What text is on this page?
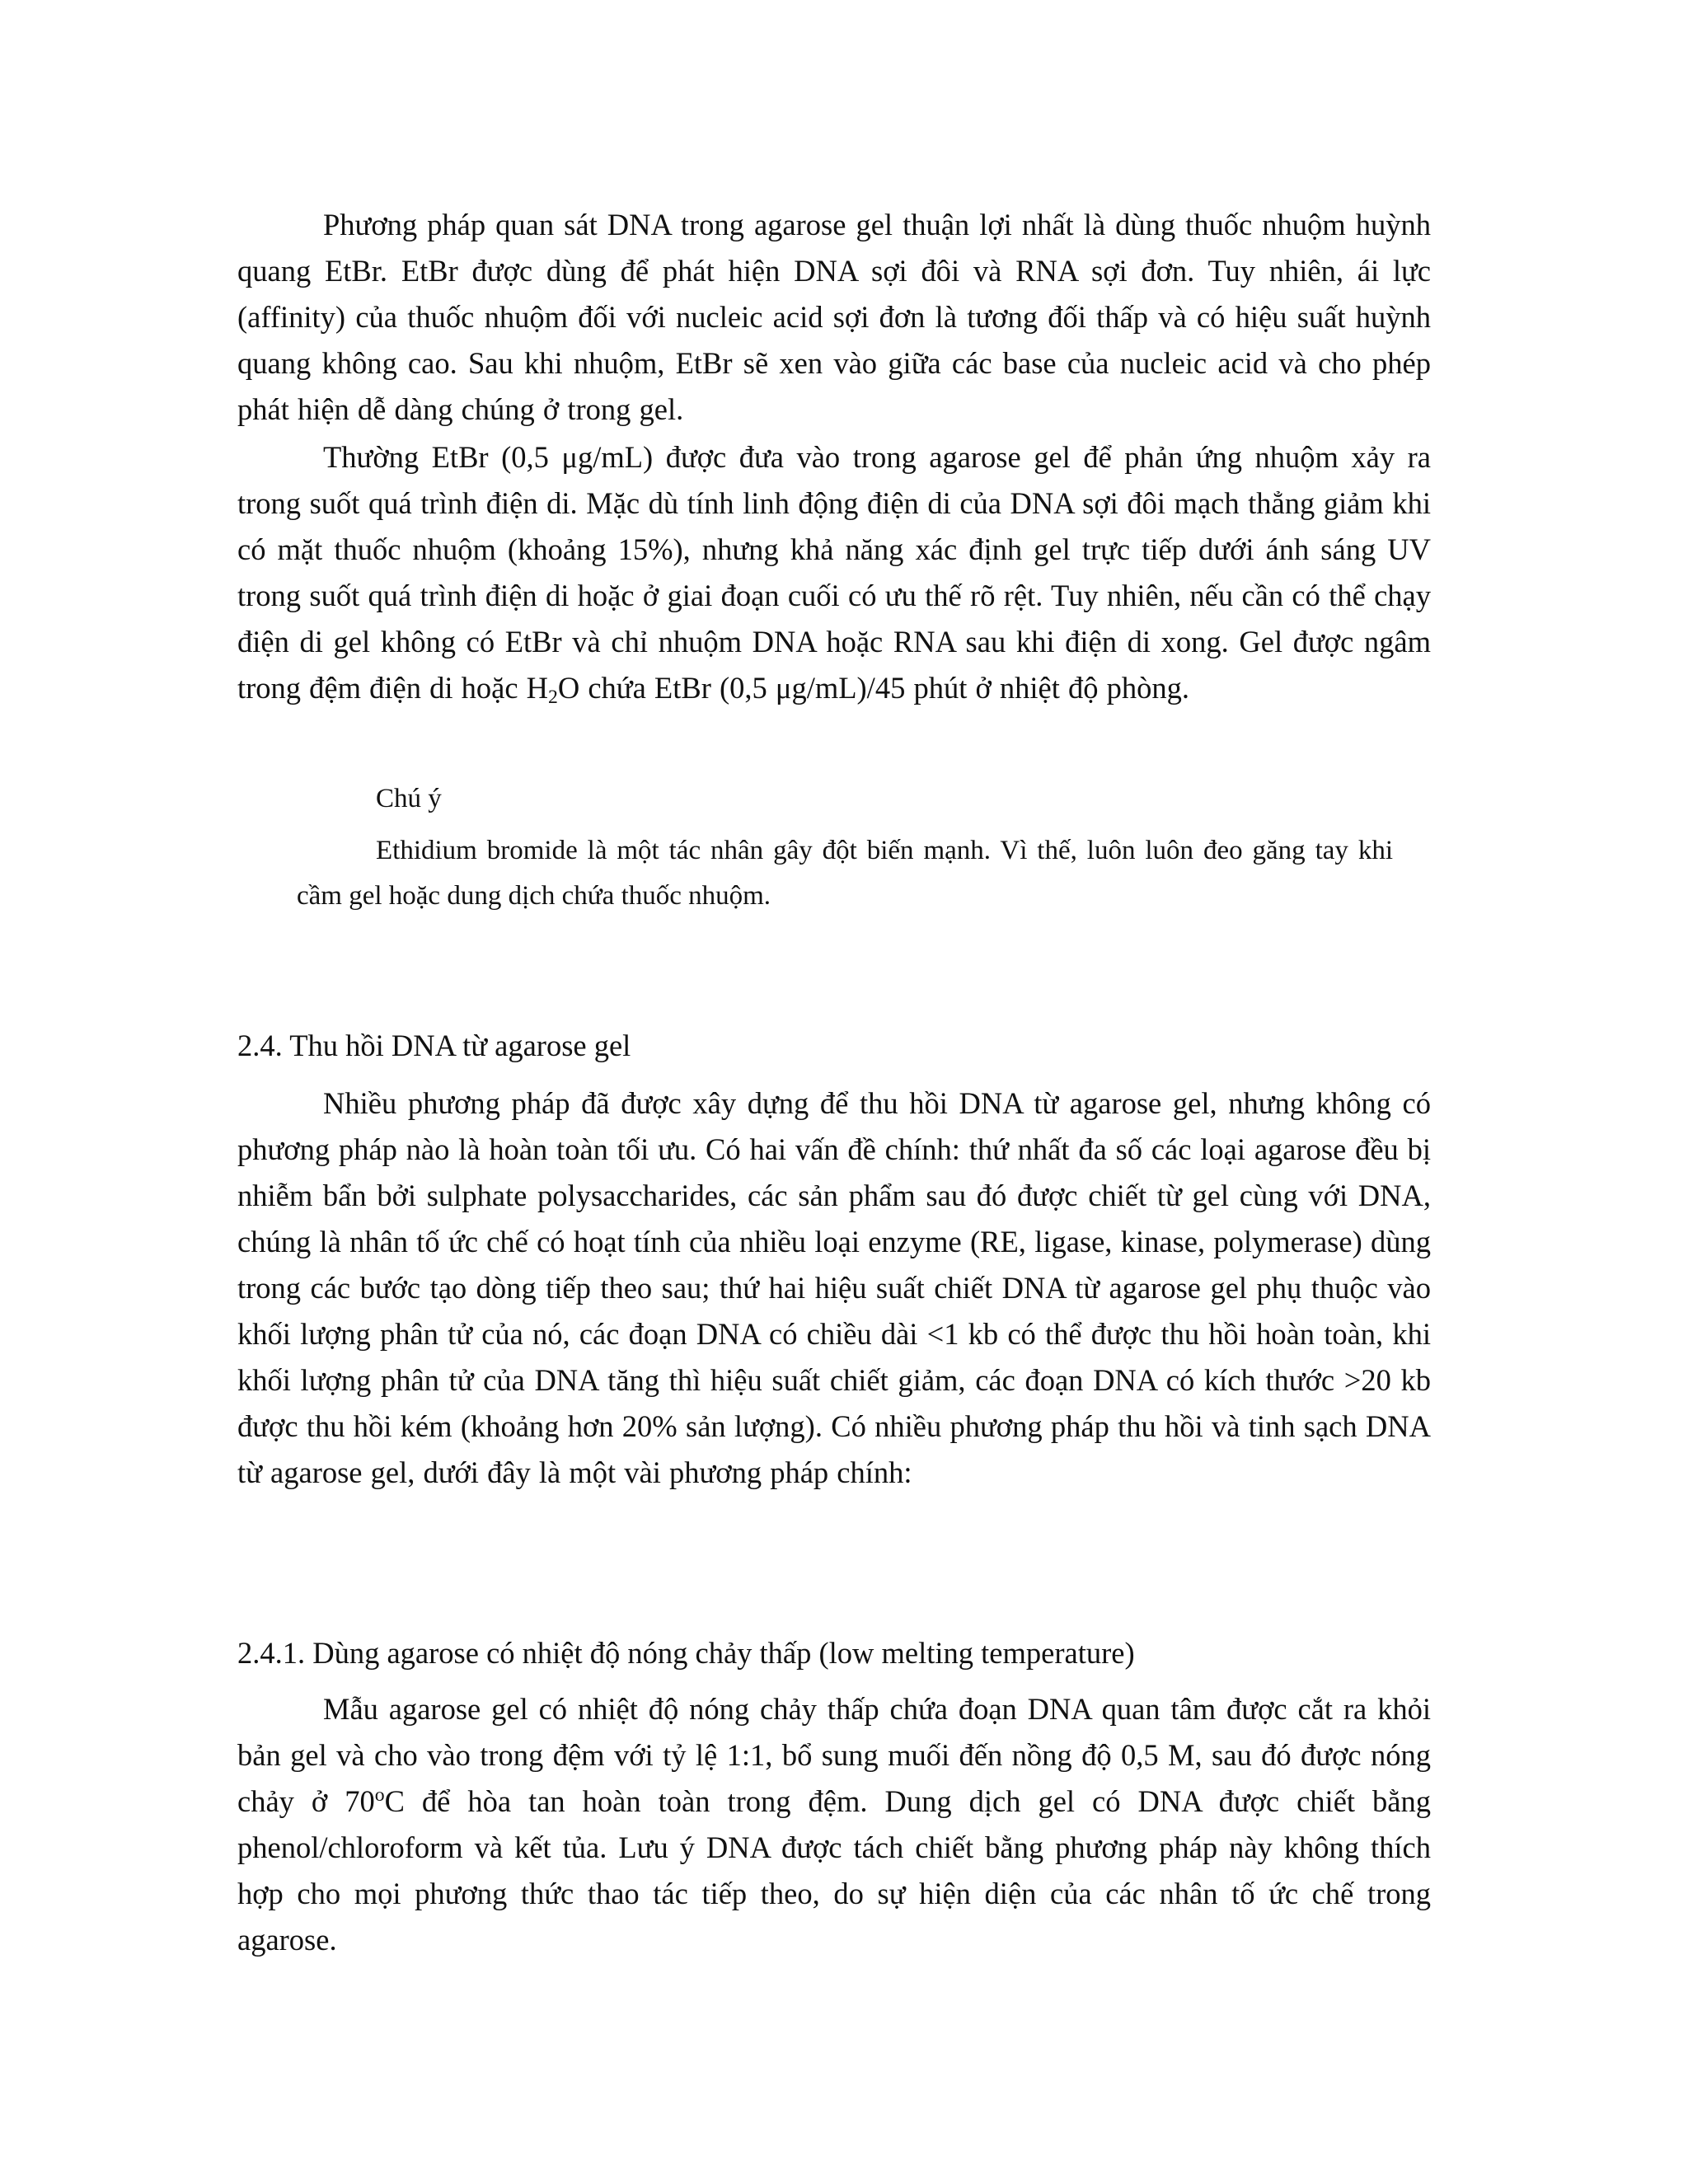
Phương pháp quan sát DNA trong agarose gel thuận lợi nhất là dùng thuốc nhuộm huỳnh quang EtBr. EtBr được dùng để phát hiện DNA sợi đôi và RNA sợi đơn. Tuy nhiên, ái lực (affinity) của thuốc nhuộm đối với nucleic acid sợi đơn là tương đối thấp và có hiệu suất huỳnh quang không cao. Sau khi nhuộm, EtBr sẽ xen vào giữa các base của nucleic acid và cho phép phát hiện dễ dàng chúng ở trong gel.

Thường EtBr (0,5 μg/mL) được đưa vào trong agarose gel để phản ứng nhuộm xảy ra trong suốt quá trình điện di. Mặc dù tính linh động điện di của DNA sợi đôi mạch thẳng giảm khi có mặt thuốc nhuộm (khoảng 15%), nhưng khả năng xác định gel trực tiếp dưới ánh sáng UV trong suốt quá trình điện di hoặc ở giai đoạn cuối có ưu thế rõ rệt. Tuy nhiên, nếu cần có thể chạy điện di gel không có EtBr và chỉ nhuộm DNA hoặc RNA sau khi điện di xong. Gel được ngâm trong đệm điện di hoặc $H_2O$ chứa EtBr (0,5 μg/mL)/45 phút ở nhiệt độ phòng.

Chú ý

Ethidium bromide là một tác nhân gây đột biến mạnh. Vì thế, luôn luôn đeo găng tay khi cầm gel hoặc dung dịch chứa thuốc nhuộm.

2.4. Thu hồi DNA từ agarose gel

Nhiều phương pháp đã được xây dựng để thu hồi DNA từ agarose gel, nhưng không có phương pháp nào là hoàn toàn tối ưu. Có hai vấn đề chính: thứ nhất đa số các loại agarose đều bị nhiễm bẩn bởi sulphate polysaccharides, các sản phẩm sau đó được chiết từ gel cùng với DNA, chúng là nhân tố ức chế có hoạt tính của nhiều loại enzyme (RE, ligase, kinase, polymerase) dùng trong các bước tạo dòng tiếp theo sau; thứ hai hiệu suất chiết DNA từ agarose gel phụ thuộc vào khối lượng phân tử của nó, các đoạn DNA có chiều dài <1 kb có thể được thu hồi hoàn toàn, khi khối lượng phân tử của DNA tăng thì hiệu suất chiết giảm, các đoạn DNA có kích thước >20 kb được thu hồi kém (khoảng hơn 20% sản lượng). Có nhiều phương pháp thu hồi và tinh sạch DNA từ agarose gel, dưới đây là một vài phương pháp chính:

2.4.1. Dùng agarose có nhiệt độ nóng chảy thấp (low melting temperature)

Mẫu agarose gel có nhiệt độ nóng chảy thấp chứa đoạn DNA quan tâm được cắt ra khỏi bản gel và cho vào trong đệm với tỷ lệ 1:1, bổ sung muối đến nồng độ 0,5 M, sau đó được nóng chảy ở 70$^o$C để hòa tan hoàn toàn trong đệm. Dung dịch gel có DNA được chiết bằng phenol/chloroform và kết tủa. Lưu ý DNA được tách chiết bằng phương pháp này không thích hợp cho mọi phương thức thao tác tiếp theo, do sự hiện diện của các nhân tố ức chế trong agarose.
